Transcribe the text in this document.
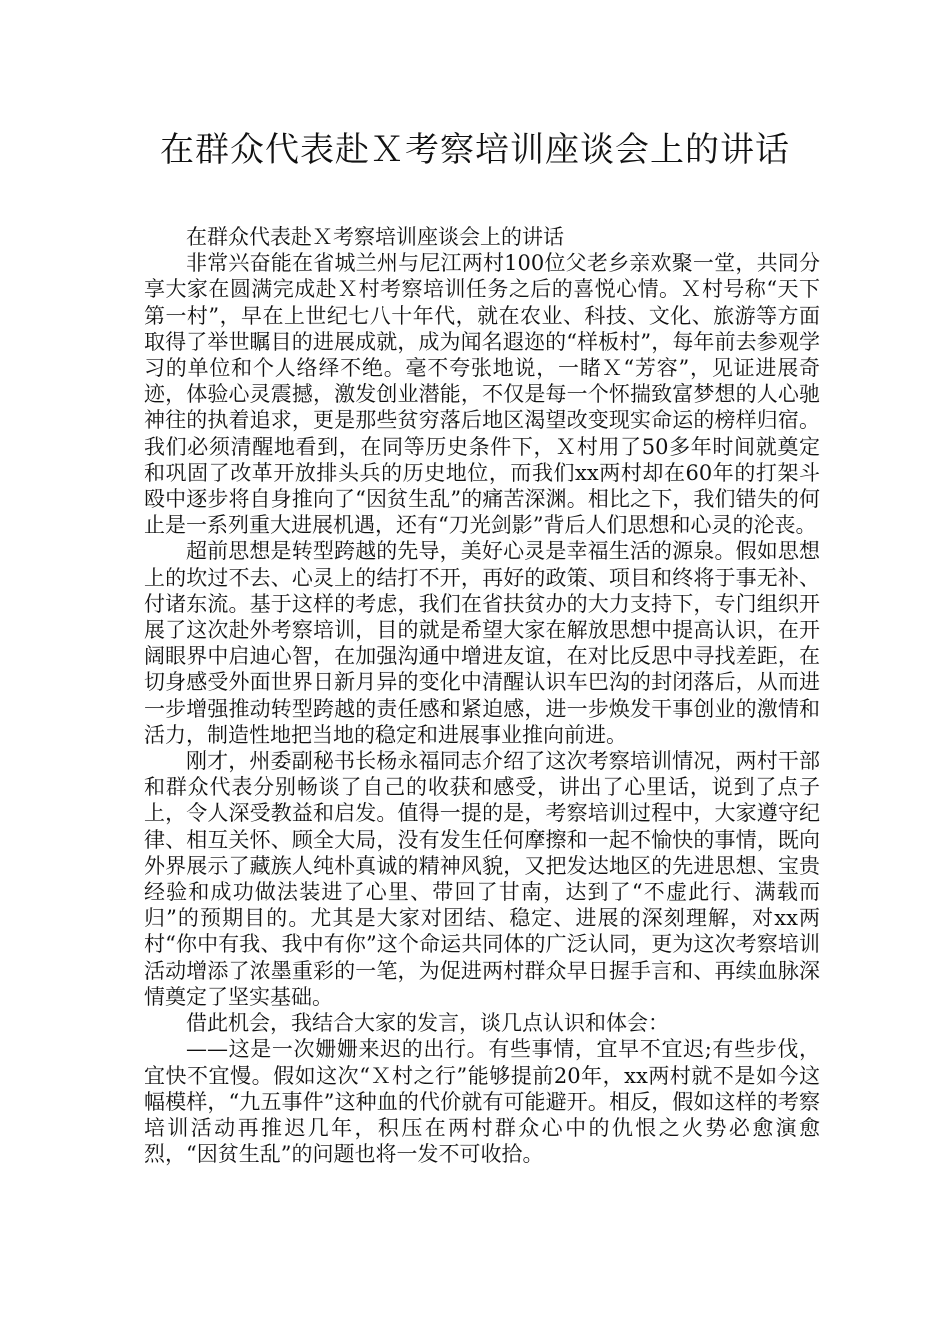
在群众代表赴Ｘ考察培训座谈会上的讲话

在群众代表赴Ｘ考察培训座谈会上的讲话

非常兴奋能在省城兰州与尼江两村100位父老乡亲欢聚一堂，共同分享大家在圆满完成赴Ｘ村考察培训任务之后的喜悦心情。Ｘ村号称“天下第一村”，早在上世纪七八十年代，就在农业、科技、文化、旅游等方面取得了举世瞩目的进展成就，成为闻名遐迩的“样板村”，每年前去参观学习的单位和个人络绎不绝。毫不夸张地说，一睹Ｘ“芳容”，见证进展奇迹，体验心灵震撼，激发创业潜能，不仅是每一个怀揣致富梦想的人心驰神往的执着追求，更是那些贫穷落后地区渴望改变现实命运的榜样归宿。我们必须清醒地看到，在同等历史条件下，Ｘ村用了50多年时间就奠定和巩固了改革开放排头兵的历史地位，而我们xx两村却在60年的打架斗殴中逐步将自身推向了“因贫生乱”的痛苦深渊。相比之下，我们错失的何止是一系列重大进展机遇，还有“刀光剑影”背后人们思想和心灵的沦丧。

超前思想是转型跨越的先导，美好心灵是幸福生活的源泉。假如思想上的坎过不去、心灵上的结打不开，再好的政策、项目和终将于事无补、付诸东流。基于这样的考虑，我们在省扶贫办的大力支持下，专门组织开展了这次赴外考察培训，目的就是希望大家在解放思想中提高认识，在开阔眼界中启迪心智，在加强沟通中增进友谊，在对比反思中寻找差距，在切身感受外面世界日新月异的变化中清醒认识车巴沟的封闭落后，从而进一步增强推动转型跨越的责任感和紧迫感，进一步焕发干事创业的激情和活力，制造性地把当地的稳定和进展事业推向前进。

刚才，州委副秘书长杨永福同志介绍了这次考察培训情况，两村干部和群众代表分别畅谈了自己的收获和感受，讲出了心里话，说到了点子上，令人深受教益和启发。值得一提的是，考察培训过程中，大家遵守纪律、相互关怀、顾全大局，没有发生任何摩擦和一起不愉快的事情，既向外界展示了藏族人纯朴真诚的精神风貌，又把发达地区的先进思想、宝贵经验和成功做法装进了心里、带回了甘南，达到了“不虚此行、满载而归”的预期目的。尤其是大家对团结、稳定、进展的深刻理解，对xx两村“你中有我、我中有你”这个命运共同体的广泛认同，更为这次考察培训活动增添了浓墨重彩的一笔，为促进两村群众早日握手言和、再续血脉深情奠定了坚实基础。

借此机会，我结合大家的发言，谈几点认识和体会：

——这是一次姗姗来迟的出行。有些事情，宜早不宜迟;有些步伐，宜快不宜慢。假如这次“Ｘ村之行”能够提前20年，xx两村就不是如今这幅模样，“九五事件”这种血的代价就有可能避开。相反，假如这样的考察培训活动再推迟几年，积压在两村群众心中的仇恨之火势必愈演愈烈，“因贫生乱”的问题也将一发不可收拾。
